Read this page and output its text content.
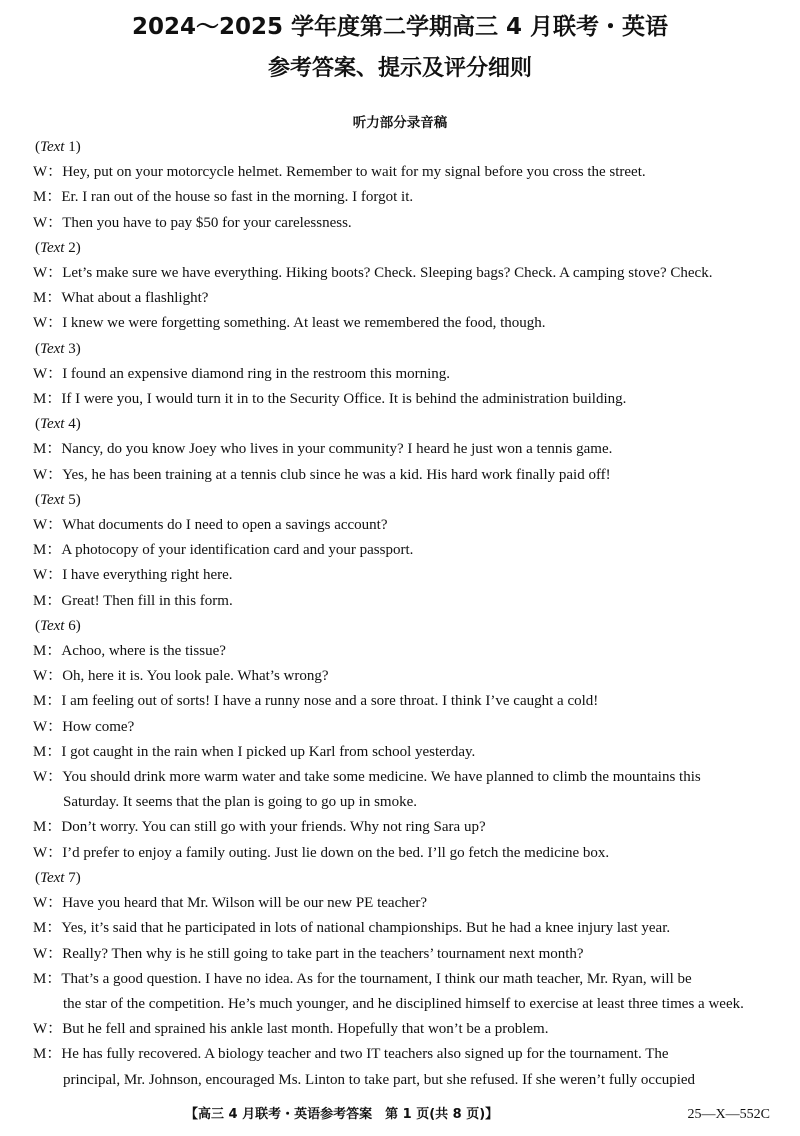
2024～2025 学年度第二学期高三 4 月联考・英语
参考答案、提示及评分细则
听力部分录音稿
(Text 1)
W：Hey, put on your motorcycle helmet. Remember to wait for my signal before you cross the street.
M：Er. I ran out of the house so fast in the morning. I forgot it.
W：Then you have to pay $50 for your carelessness.
(Text 2)
W：Let’s make sure we have everything. Hiking boots? Check. Sleeping bags? Check. A camping stove? Check.
M：What about a flashlight?
W：I knew we were forgetting something. At least we remembered the food, though.
(Text 3)
W：I found an expensive diamond ring in the restroom this morning.
M：If I were you, I would turn it in to the Security Office. It is behind the administration building.
(Text 4)
M：Nancy, do you know Joey who lives in your community? I heard he just won a tennis game.
W：Yes, he has been training at a tennis club since he was a kid. His hard work finally paid off!
(Text 5)
W：What documents do I need to open a savings account?
M：A photocopy of your identification card and your passport.
W：I have everything right here.
M：Great! Then fill in this form.
(Text 6)
M：Achoo, where is the tissue?
W：Oh, here it is. You look pale. What’s wrong?
M：I am feeling out of sorts! I have a runny nose and a sore throat. I think I’ve caught a cold!
W：How come?
M：I got caught in the rain when I picked up Karl from school yesterday.
W：You should drink more warm water and take some medicine. We have planned to climb the mountains this
Saturday. It seems that the plan is going to go up in smoke.
M：Don’t worry. You can still go with your friends. Why not ring Sara up?
W：I’d prefer to enjoy a family outing. Just lie down on the bed. I’ll go fetch the medicine box.
(Text 7)
W：Have you heard that Mr. Wilson will be our new PE teacher?
M：Yes, it’s said that he participated in lots of national championships. But he had a knee injury last year.
W：Really? Then why is he still going to take part in the teachers’ tournament next month?
M：That’s a good question. I have no idea. As for the tournament, I think our math teacher, Mr. Ryan, will be
the star of the competition. He’s much younger, and he disciplined himself to exercise at least three times a week.
W：But he fell and sprained his ankle last month. Hopefully that won’t be a problem.
M：He has fully recovered. A biology teacher and two IT teachers also signed up for the tournament. The
principal, Mr. Johnson, encouraged Ms. Linton to take part, but she refused. If she weren’t fully occupied
【高三 4 月联考・英语参考答案　第 1 页(共 8 页)】	25—X—552C
